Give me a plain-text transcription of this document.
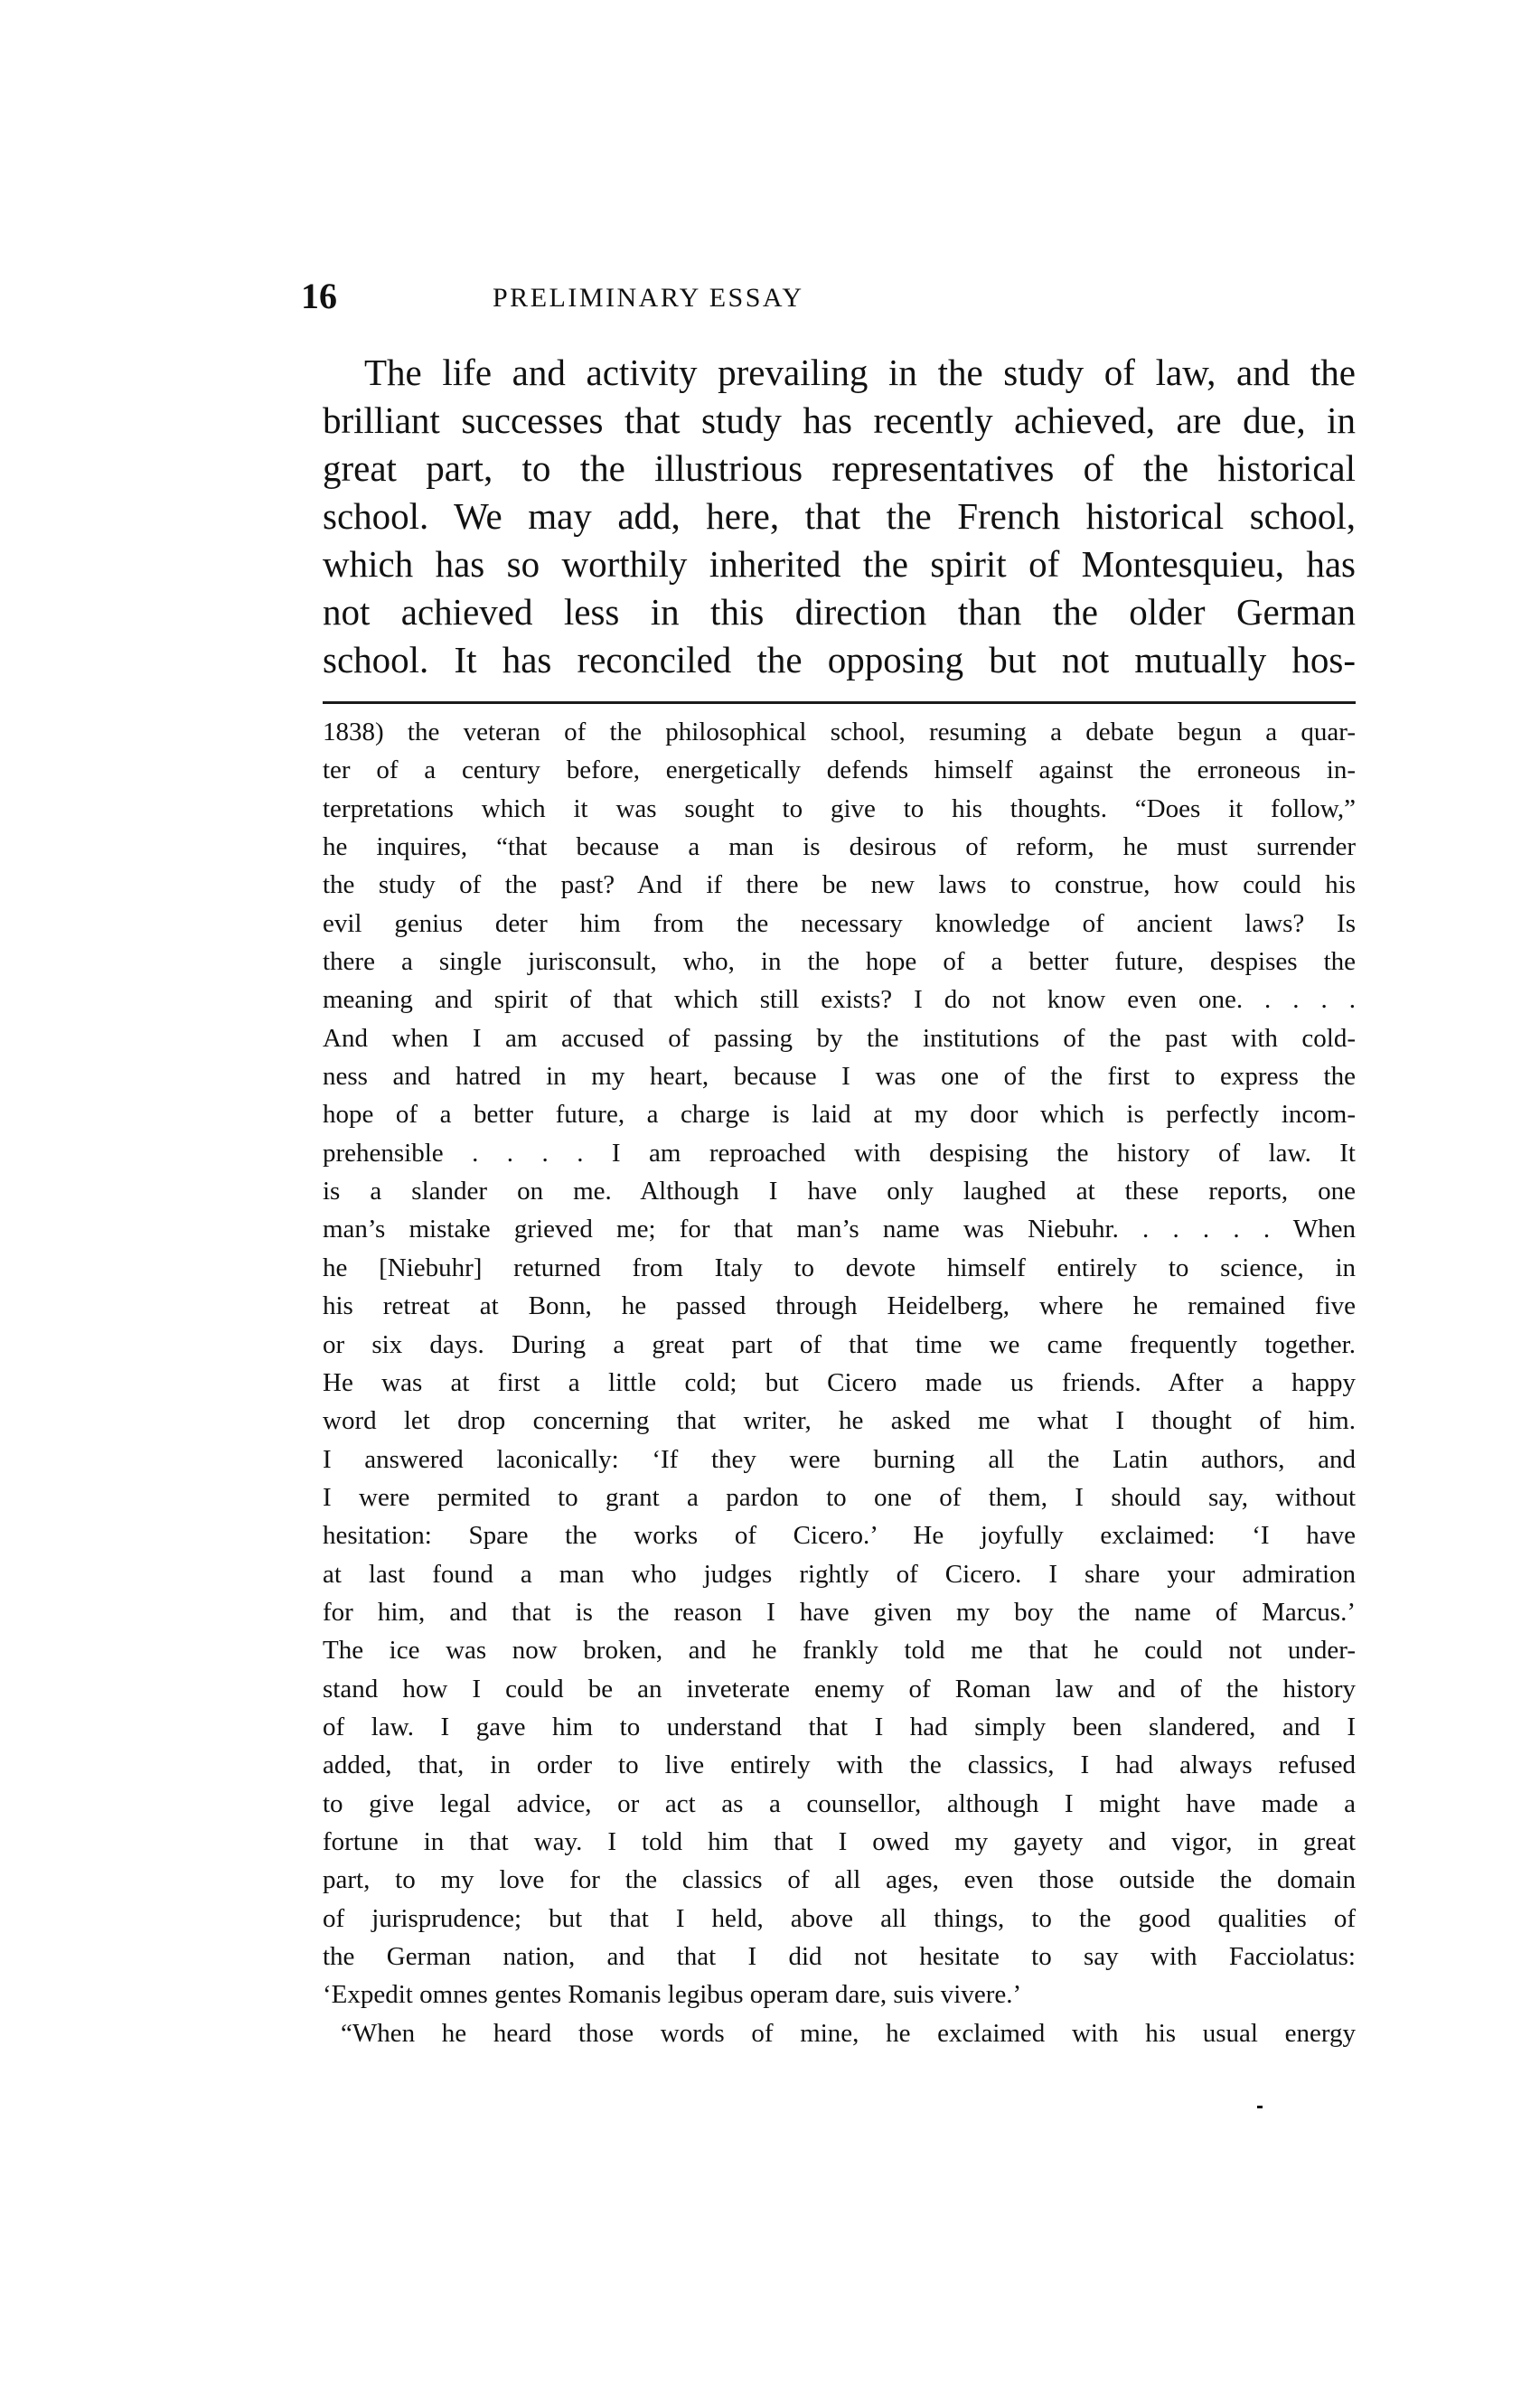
16	PRELIMINARY ESSAY
The life and activity prevailing in the study of law, and the
brilliant successes that study has recently achieved, are due, in
great part, to the illustrious representatives of the historical
school. We may add, here, that the French historical school,
which has so worthily inherited the spirit of Montesquieu, has
not achieved less in this direction than the older German
school. It has reconciled the opposing but not mutually hos-
1838) the veteran of the philosophical school, resuming a debate begun a quar-
ter of a century before, energetically defends himself against the erroneous in-
terpretations which it was sought to give to his thoughts. “Does it follow,”
he inquires, “that because a man is desirous of reform, he must surrender
the study of the past? And if there be new laws to construe, how could his
evil genius deter him from the necessary knowledge of ancient laws? Is
there a single jurisconsult, who, in the hope of a better future, despises the
meaning and spirit of that which still exists? I do not know even one. . . . .
And when I am accused of passing by the institutions of the past with cold-
ness and hatred in my heart, because I was one of the first to express the
hope of a better future, a charge is laid at my door which is perfectly incom-
prehensible . . . . I am reproached with despising the history of law. It
is a slander on me. Although I have only laughed at these reports, one
man’s mistake grieved me; for that man’s name was Niebuhr. . . . . . When
he [Niebuhr] returned from Italy to devote himself entirely to science, in
his retreat at Bonn, he passed through Heidelberg, where he remained five
or six days. During a great part of that time we came frequently together.
He was at first a little cold; but Cicero made us friends. After a happy
word let drop concerning that writer, he asked me what I thought of him.
I answered laconically: ‘If they were burning all the Latin authors, and
I were permited to grant a pardon to one of them, I should say, without
hesitation: Spare the works of Cicero.’ He joyfully exclaimed: ‘I have
at last found a man who judges rightly of Cicero. I share your admiration
for him, and that is the reason I have given my boy the name of Marcus.’
The ice was now broken, and he frankly told me that he could not under-
stand how I could be an inveterate enemy of Roman law and of the history
of law. I gave him to understand that I had simply been slandered, and I
added, that, in order to live entirely with the classics, I had always refused
to give legal advice, or act as a counsellor, although I might have made a
fortune in that way. I told him that I owed my gayety and vigor, in great
part, to my love for the classics of all ages, even those outside the domain
of jurisprudence; but that I held, above all things, to the good qualities of
the German nation, and that I did not hesitate to say with Facciolatus:
‘Expedit omnes gentes Romanis legibus operam dare, suis vivere.’
“When he heard those words of mine, he exclaimed with his usual energy
